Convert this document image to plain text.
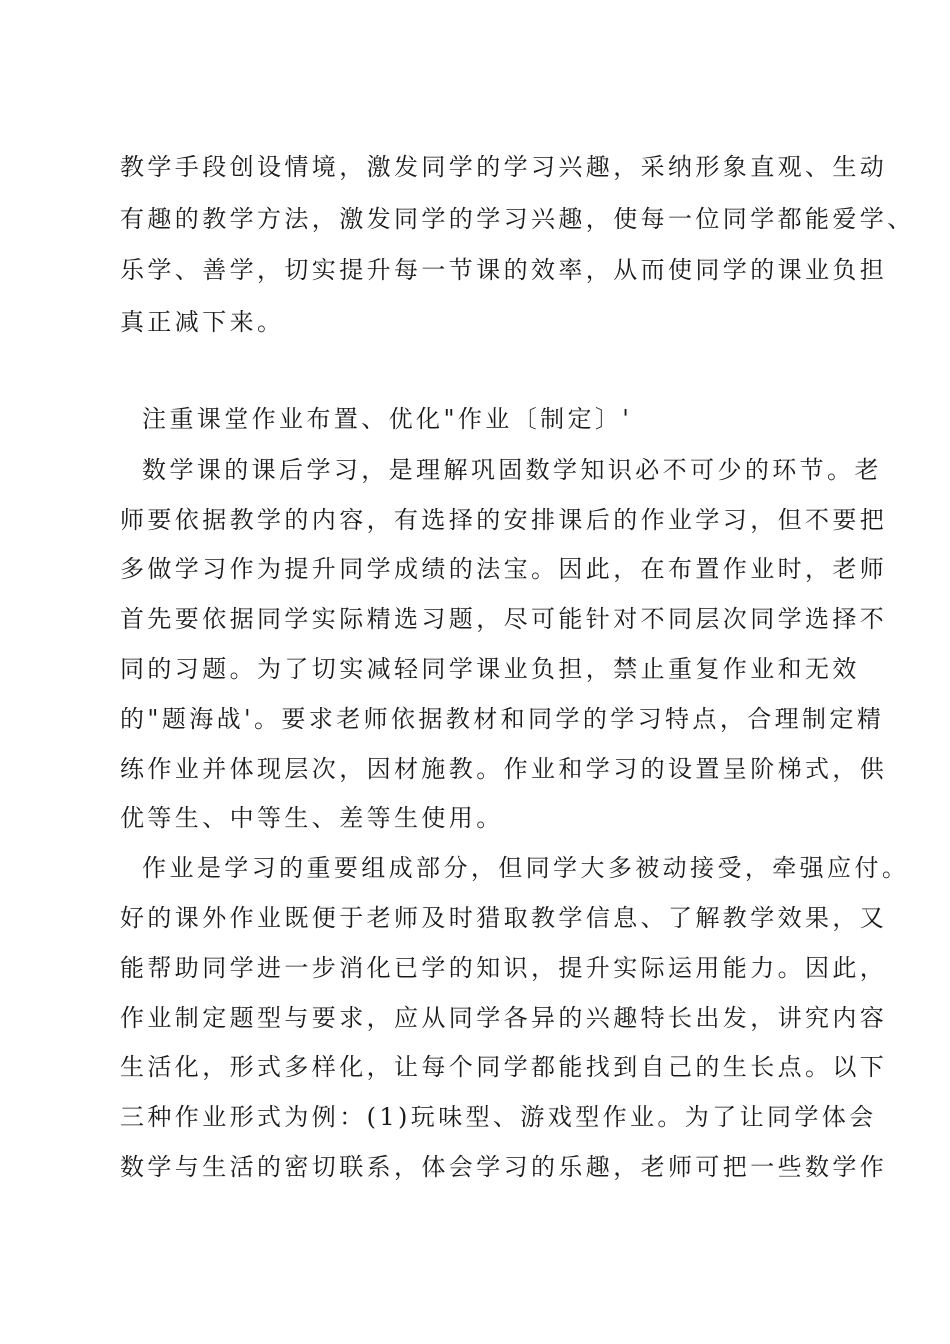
教学手段创设情境，激发同学的学习兴趣，采纳形象直观、生动
有趣的教学方法，激发同学的学习兴趣，使每一位同学都能爱学、
乐学、善学，切实提升每一节课的效率，从而使同学的课业负担
真正减下来。
注重课堂作业布置、优化"作业〔制定〕'
数学课的课后学习，是理解巩固数学知识必不可少的环节。老
师要依据教学的内容，有选择的安排课后的作业学习，但不要把
多做学习作为提升同学成绩的法宝。因此，在布置作业时，老师
首先要依据同学实际精选习题，尽可能针对不同层次同学选择不
同的习题。为了切实减轻同学课业负担，禁止重复作业和无效
的"题海战'。要求老师依据教材和同学的学习特点，合理制定精
练作业并体现层次，因材施教。作业和学习的设置呈阶梯式，供
优等生、中等生、差等生使用。
作业是学习的重要组成部分，但同学大多被动接受，牵强应付。
好的课外作业既便于老师及时猎取教学信息、了解教学效果，又
能帮助同学进一步消化已学的知识，提升实际运用能力。因此，
作业制定题型与要求，应从同学各异的兴趣特长出发，讲究内容
生活化，形式多样化，让每个同学都能找到自己的生长点。以下
三种作业形式为例：(1)玩味型、游戏型作业。为了让同学体会
数学与生活的密切联系，体会学习的乐趣，老师可把一些数学作
